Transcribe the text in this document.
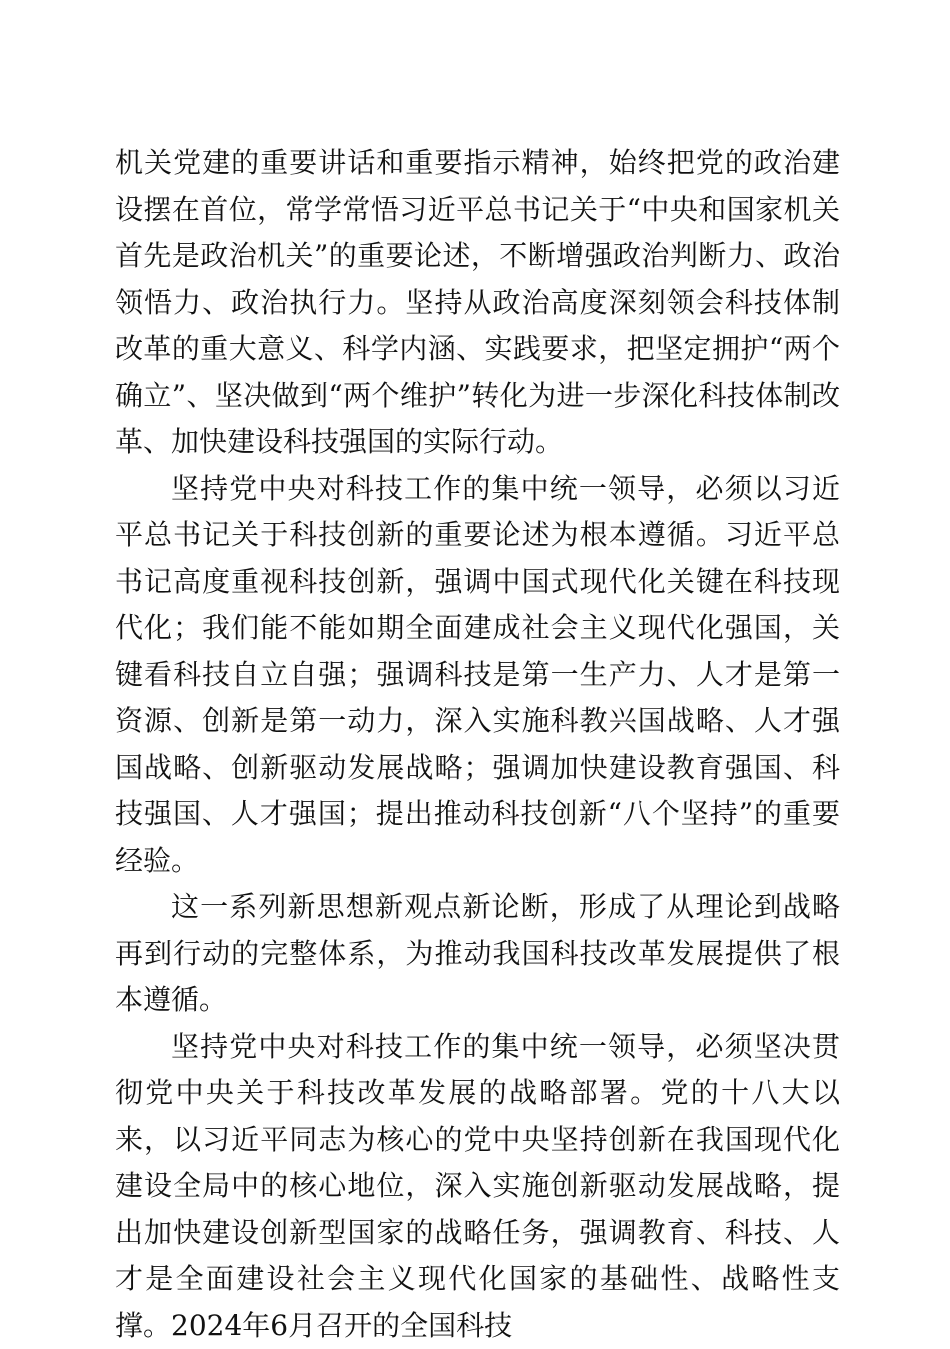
机关党建的重要讲话和重要指示精神，始终把党的政治建设摆在首位，常学常悟习近平总书记关于“中央和国家机关首先是政治机关”的重要论述，不断增强政治判断力、政治领悟力、政治执行力。坚持从政治高度深刻领会科技体制改革的重大意义、科学内涵、实践要求，把坚定拥护“两个确立”、坚决做到“两个维护”转化为进一步深化科技体制改革、加快建设科技强国的实际行动。

坚持党中央对科技工作的集中统一领导，必须以习近平总书记关于科技创新的重要论述为根本遵循。习近平总书记高度重视科技创新，强调中国式现代化关键在科技现代化；我们能不能如期全面建成社会主义现代化强国，关键看科技自立自强；强调科技是第一生产力、人才是第一资源、创新是第一动力，深入实施科教兴国战略、人才强国战略、创新驱动发展战略；强调加快建设教育强国、科技强国、人才强国；提出推动科技创新“八个坚持”的重要经验。

这一系列新思想新观点新论断，形成了从理论到战略再到行动的完整体系，为推动我国科技改革发展提供了根本遵循。

坚持党中央对科技工作的集中统一领导，必须坚决贯彻党中央关于科技改革发展的战略部署。党的十八大以来，以习近平同志为核心的党中央坚持创新在我国现代化建设全局中的核心地位，深入实施创新驱动发展战略，提出加快建设创新型国家的战略任务，强调教育、科技、人才是全面建设社会主义现代化国家的基础性、战略性支撑。2024年6月召开的全国科技
